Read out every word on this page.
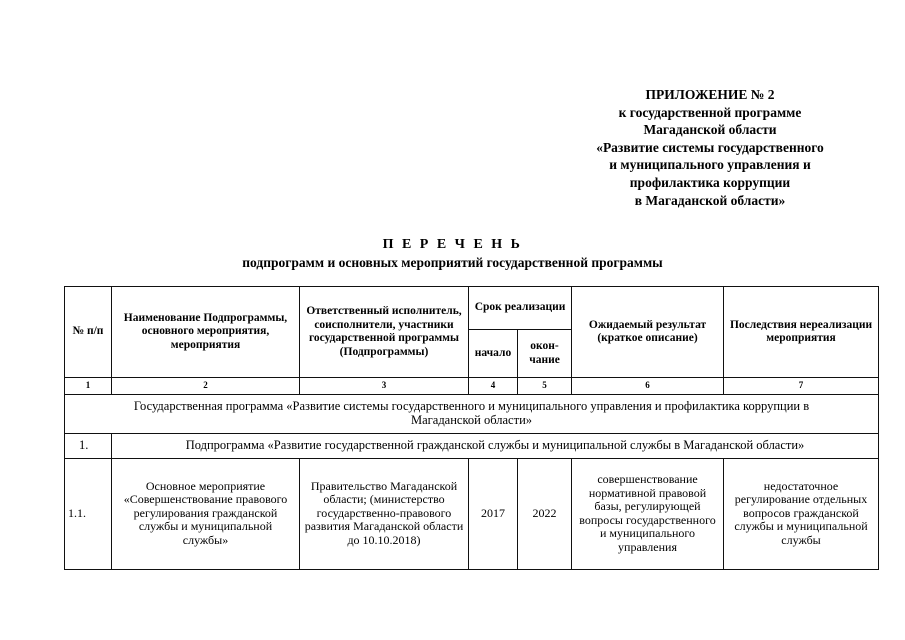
ПРИЛОЖЕНИЕ № 2
к государственной программе
Магаданской области
«Развитие системы государственного
и муниципального управления и
профилактика коррупции
в Магаданской области»
П Е Р Е Ч Е Н Ь
подпрограмм и основных мероприятий государственной программы
№ п/п	Наименование Подпрограммы, основного мероприятия, мероприятия	Ответственный исполнитель, соисполнители, участники государственной программы (Подпрограммы)	Срок реализации		Ожидаемый результат (краткое описание)	Последствия нереализации мероприятия
			начало	окон-чание		
1	2	3	4	5	6	7
Государственная программа «Развитие системы государственного и муниципального управления и профилактика коррупции в Магаданской области»						
1.	Подпрограмма «Развитие государственной гражданской службы и муниципальной службы в Магаданской области»					
1.1.	Основное мероприятие «Совершенствование правового регулирования гражданской службы и муниципальной службы»	Правительство Магаданской области; (министерство государственно-правового развития Магаданской области до 10.10.2018)	2017	2022	совершенствование нормативной правовой базы, регулирующей вопросы государственного и муниципального управления	недостаточное регулирование отдельных вопросов гражданской службы и муниципальной службы
